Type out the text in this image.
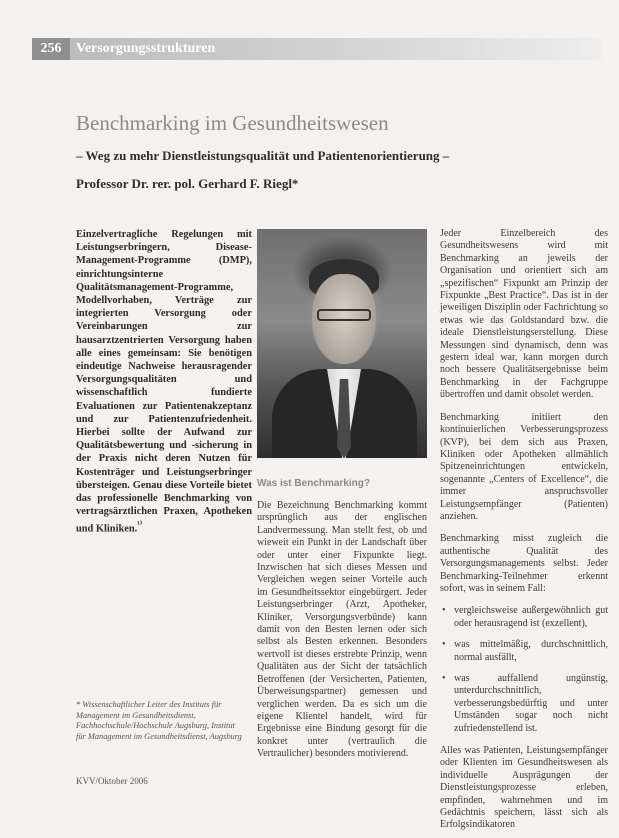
256	Versorgungsstrukturen
Benchmarking im Gesundheitswesen
– Weg zu mehr Dienstleistungsqualität und Patientenorientierung –
Professor Dr. rer. pol. Gerhard F. Riegl*
Einzelvertragliche Regelungen mit Leistungserbringern, Disease-Management-Programme (DMP), einrichtungsinterne Qualitätsmanagement-Programme, Modellvorhaben, Verträge zur integrierten Versorgung oder Vereinbarungen zur hausarztzentrierten Versorgung haben alle eines gemeinsam: Sie benötigen eindeutige Nachweise herausragender Versorgungsqualitäten und wissenschaftlich fundierte Evaluationen zur Patientenakzeptanz und zur Patientenzufriedenheit. Hierbei sollte der Aufwand zur Qualitätsbewertung und -sicherung in der Praxis nicht deren Nutzen für Kostenträger und Leistungserbringer übersteigen. Genau diese Vorteile bietet das professionelle Benchmarking von vertragsärztlichen Praxen, Apotheken und Kliniken.$^{^{1)}}$
Was ist Benchmarking?
Die Bezeichnung Benchmarking kommt ursprünglich aus der englischen Landvermessung. Man stellt fest, ob und wieweit ein Punkt in der Landschaft über oder unter einer Fixpunkte liegt. Inzwischen hat sich dieses Messen und Vergleichen wegen seiner Vorteile auch im Gesundheitssektor eingebürgert. Jeder Leistungserbringer (Arzt, Apotheker, Kliniker, Versorgungsverbünde) kann damit von den Besten lernen oder sich selbst als Besten erkennen. Besonders wertvoll ist dieses erstrebte Prinzip, wenn Qualitäten aus der Sicht der tatsächlich Betroffenen (der Versicherten, Patienten, Überweisungspartner) gemessen und verglichen werden. Da es sich um die eigene Klientel handelt, wird für Ergebnisse eine Bindung gesorgt für die konkret unter (vertraulich die Vertraulicher) besonders motivierend.

Jeder Einzelbereich des Gesundheitswesens wird mit Benchmarking an jeweils der Organisation und orientiert sich am „spezifischen“ Fixpunkt am Prinzip der Fixpunkte „Best Practice“. Das ist in der jeweiligen Disziplin oder Fachrichtung so etwas wie das Goldstandard bzw. die ideale Dienstleistungserstellung. Diese Messungen sind dynamisch, denn was gestern ideal war, kann morgen durch noch bessere Qualitätsergebnisse beim Benchmarking in der Fachgruppe übertroffen und damit obsolet werden.

Benchmarking initiiert den kontinuierlichen Verbesserungsprozess (KVP), bei dem sich aus Praxen, Kliniken oder Apotheken allmählich Spitzeneinrichtungen entwickeln, sogenannte „Centers of Excellence“, die immer anspruchsvoller Leistungsempfänger (Patienten) anziehen.

Benchmarking misst zugleich die authentische Qualität des Versorgungsmanagements selbst. Jeder Benchmarking-Teilnehmer erkennt sofort, was in seinem Fall:

• vergleichsweise außergewöhnlich gut oder herausragend ist (exzellent),
• was mittelmäßig, durchschnittlich, normal ausfällt,
• was auffallend ungünstig, unterdurchschnittlich, verbesserungsbedürftig und unter Umständen sogar noch nicht zufriedenstellend ist.

Alles was Patienten, Leistungsempfänger oder Klienten im Gesundheitswesen als individuelle Ausprägungen der Dienstleistungsprozesse erleben, empfinden, wahrnehmen und im Gedächtnis speichern, lässt sich als Erfolgsindikatoren

* Wissenschaftlicher Leiter des Instituts für Management im Gesundheitsdienst, Fachhochschule/Hochschule Augsburg, Institut für Management im Gesundheitsdienst, Augsburg
KVV/Oktober 2006
